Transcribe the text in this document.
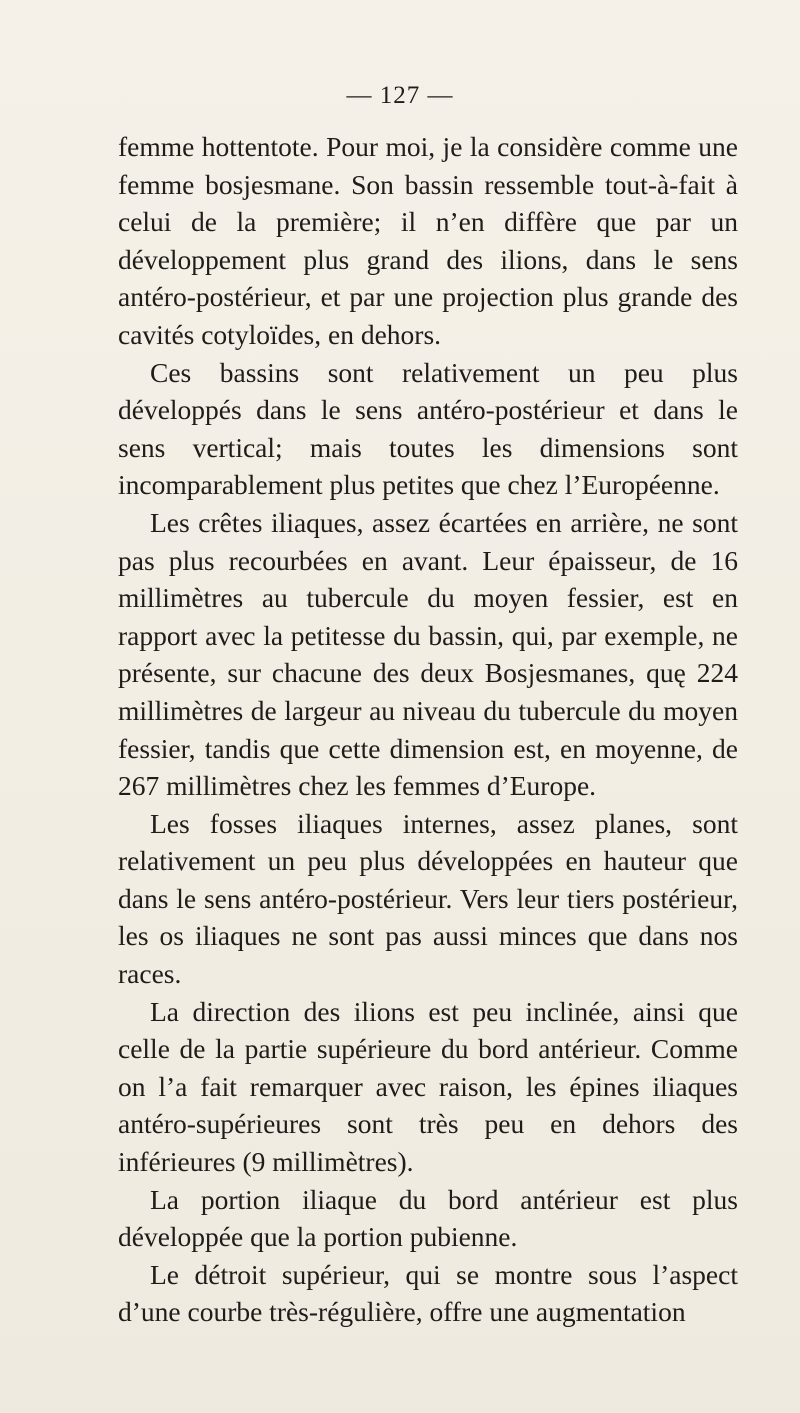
— 127 —

femme hottentote. Pour moi, je la considère comme une femme bosjesmane. Son bassin ressemble tout-à-fait à celui de la première; il n’en diffère que par un développement plus grand des ilions, dans le sens antéro-postérieur, et par une projection plus grande des cavités cotyloïdes, en dehors.

Ces bassins sont relativement un peu plus développés dans le sens antéro-postérieur et dans le sens vertical; mais toutes les dimensions sont incomparablement plus petites que chez l’Européenne.

Les crêtes iliaques, assez écartées en arrière, ne sont pas plus recourbées en avant. Leur épaisseur, de 16 millimètres au tubercule du moyen fessier, est en rapport avec la petitesse du bassin, qui, par exemple, ne présente, sur chacune des deux Bosjesmanes, quę 224 millimètres de largeur au niveau du tubercule du moyen fessier, tandis que cette dimension est, en moyenne, de 267 millimètres chez les femmes d’Europe.

Les fosses iliaques internes, assez planes, sont relativement un peu plus développées en hauteur que dans le sens antéro-postérieur. Vers leur tiers postérieur, les os iliaques ne sont pas aussi minces que dans nos races.

La direction des ilions est peu inclinée, ainsi que celle de la partie supérieure du bord antérieur. Comme on l’a fait remarquer avec raison, les épines iliaques antéro-supérieures sont très peu en dehors des inférieures (9 millimètres).

La portion iliaque du bord antérieur est plus développée que la portion pubienne.

Le détroit supérieur, qui se montre sous l’aspect d’une courbe très-régulière, offre une augmentation
